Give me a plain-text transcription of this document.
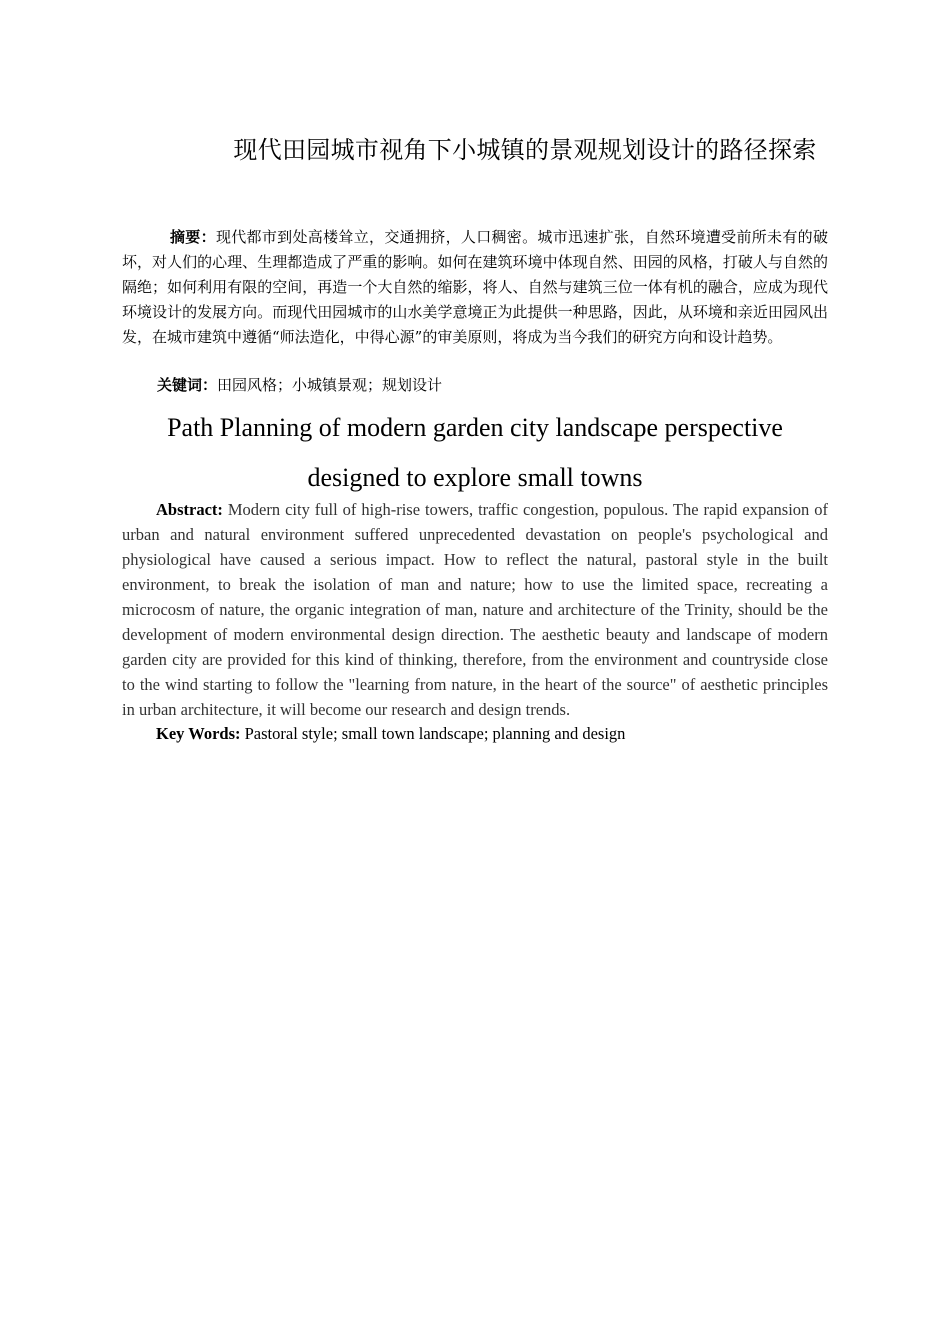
现代田园城市视角下小城镇的景观规划设计的路径探索

摘要：现代都市到处高楼耸立，交通拥挤，人口稠密。城市迅速扩张，自然环境遭受前所未有的破坏，对人们的心理、生理都造成了严重的影响。如何在建筑环境中体现自然、田园的风格，打破人与自然的隔绝；如何利用有限的空间，再造一个大自然的缩影，将人、自然与建筑三位一体有机的融合，应成为现代环境设计的发展方向。而现代田园城市的山水美学意境正为此提供一种思路，因此，从环境和亲近田园风出发，在城市建筑中遵循“师法造化，中得心源”的审美原则，将成为当今我们的研究方向和设计趋势。

关键词：田园风格；小城镇景观；规划设计

Path Planning of modern garden city landscape perspective designed to explore small towns

Abstract: Modern city full of high-rise towers, traffic congestion, populous. The rapid expansion of urban and natural environment suffered unprecedented devastation on people's psychological and physiological have caused a serious impact. How to reflect the natural, pastoral style in the built environment, to break the isolation of man and nature; how to use the limited space, recreating a microcosm of nature, the organic integration of man, nature and architecture of the Trinity, should be the development of modern environmental design direction. The aesthetic beauty and landscape of modern garden city are provided for this kind of thinking, therefore, from the environment and countryside close to the wind starting to follow the "learning from nature, in the heart of the source" of aesthetic principles in urban architecture, it will become our research and design trends.

Key Words: Pastoral style; small town landscape; planning and design
